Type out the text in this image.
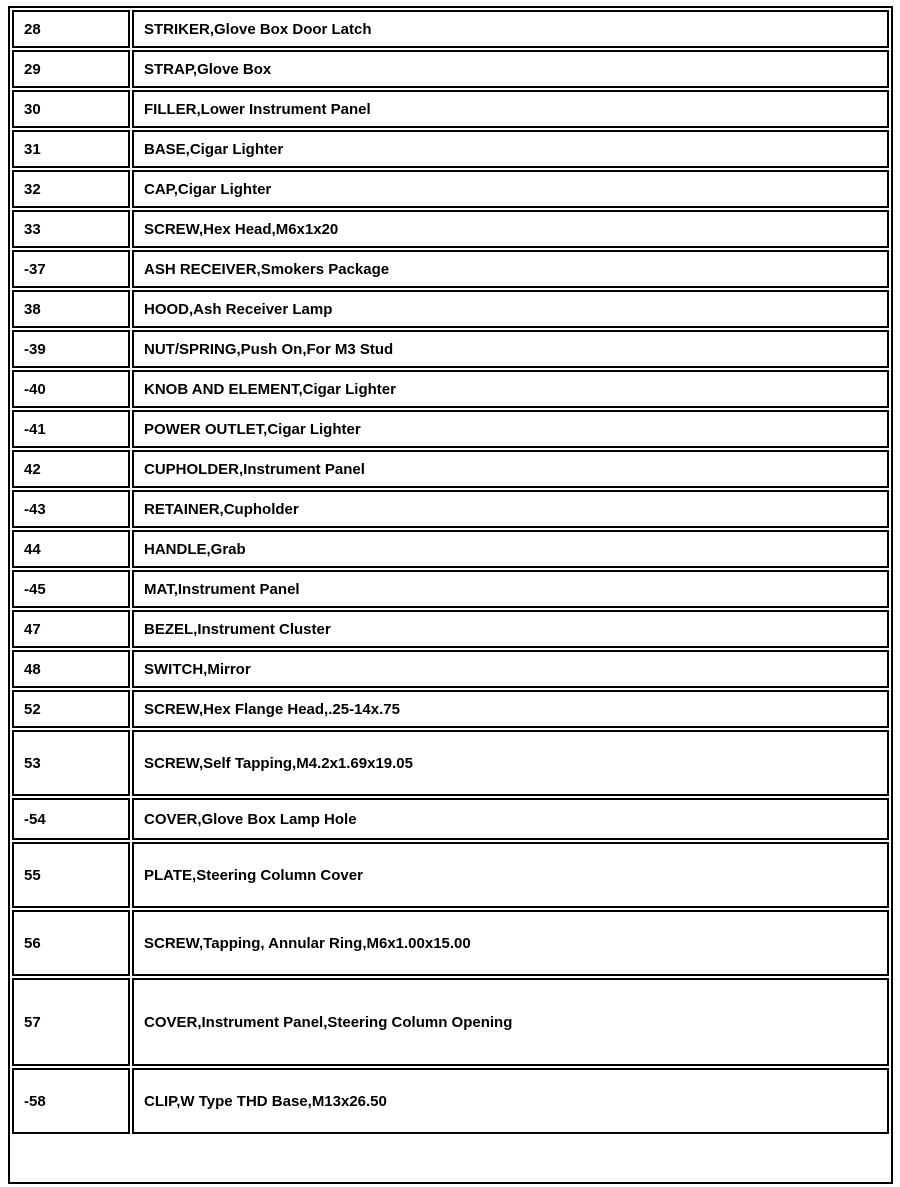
28	STRIKER,Glove Box Door Latch
29	STRAP,Glove Box
30	FILLER,Lower Instrument Panel
31	BASE,Cigar Lighter
32	CAP,Cigar Lighter
33	SCREW,Hex Head,M6x1x20
-37	ASH RECEIVER,Smokers Package
38	HOOD,Ash Receiver Lamp
-39	NUT/SPRING,Push On,For M3 Stud
-40	KNOB AND ELEMENT,Cigar Lighter
-41	POWER OUTLET,Cigar Lighter
42	CUPHOLDER,Instrument Panel
-43	RETAINER,Cupholder
44	HANDLE,Grab
-45	MAT,Instrument Panel
47	BEZEL,Instrument Cluster
48	SWITCH,Mirror
52	SCREW,Hex Flange Head,.25-14x.75
53	SCREW,Self Tapping,M4.2x1.69x19.05
-54	COVER,Glove Box Lamp Hole
55	PLATE,Steering Column Cover
56	SCREW,Tapping, Annular Ring,M6x1.00x15.00
57	COVER,Instrument Panel,Steering Column Opening
-58	CLIP,W Type THD Base,M13x26.50
